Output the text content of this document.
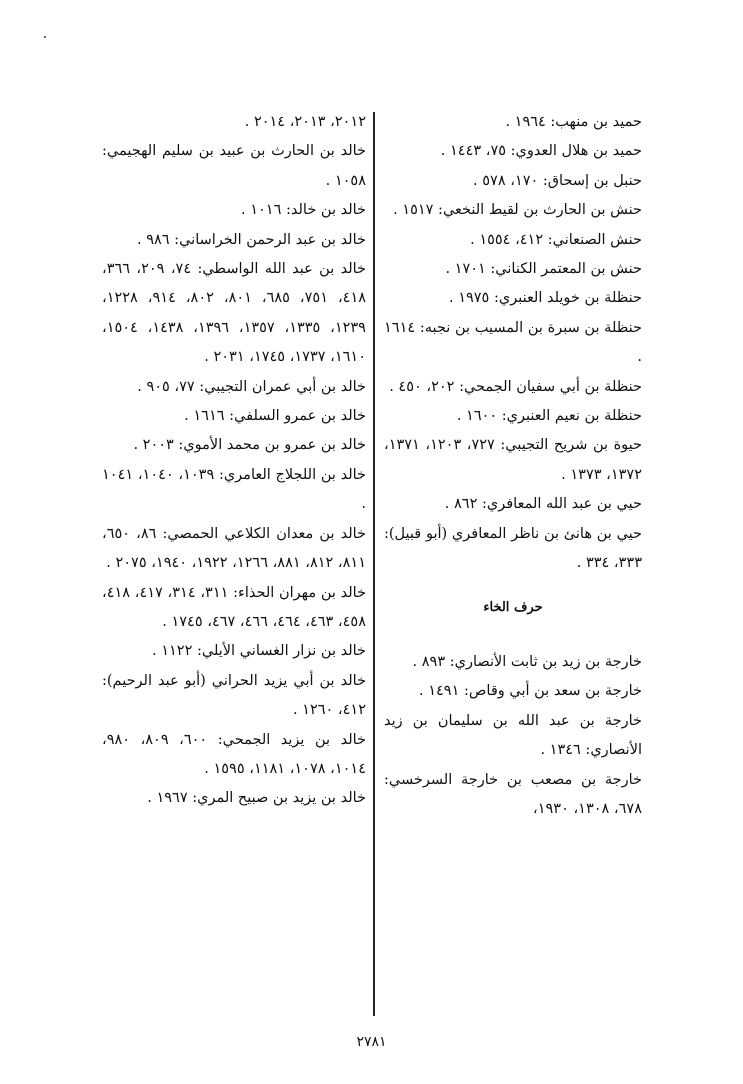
حميد بن منهب: ١٩٦٤ .

حميد بن هلال العدوي: ٧٥، ١٤٤٣ .

حنبل بن إسحاق: ١٧٠، ٥٧٨ .

حنش بن الحارث بن لقيط النخعي: ١٥١٧ .

حنش الصنعاني: ٤١٢، ١٥٥٤ .

حنش بن المعتمر الكناني: ١٧٠١ .

حنظلة بن خويلد العنبري: ١٩٧٥ .

حنظلة بن سبرة بن المسيب بن نجبه: ١٦١٤ .

حنظلة بن أبي سفيان الجمحي: ٢٠٢، ٤٥٠ .

حنظلة بن نعيم العنبري: ١٦٠٠ .

حيوة بن شريح التجيبي: ٧٢٧، ١٢٠٣، ١٣٧١، ١٣٧٢، ١٣٧٣ .

حيي بن عبد الله المعافري: ٨٦٢ .

حيي بن هانئ بن ناظر المعافري (أبو قبيل): ٣٣٣، ٣٣٤ .

حرف الخاء

خارجة بن زيد بن ثابت الأنصاري: ٨٩٣ .

خارجة بن سعد بن أبي وقاص: ١٤٩١ .

خارجة بن عبد الله بن سليمان بن زيد الأنصاري: ١٣٤٦ .

خارجة بن مصعب بن خارجة السرخسي: ٦٧٨، ١٣٠٨، ١٩٣٠،

٢٠١٢، ٢٠١٣، ٢٠١٤ .

خالد بن الحارث بن عبيد بن سليم الهجيمي: ١٠٥٨ .

خالد بن خالد: ١٠١٦ .

خالد بن عبد الرحمن الخراساني: ٩٨٦ .

خالد بن عبد الله الواسطي: ٧٤، ٢٠٩، ٣٦٦، ٤١٨، ٧٥١، ٦٨٥، ٨٠١، ٨٠٢، ٩١٤، ١٢٢٨، ١٢٣٩، ١٣٣٥، ١٣٥٧، ١٣٩٦، ١٤٣٨، ١٥٠٤، ١٦١٠، ١٧٣٧، ١٧٤٥، ٢٠٣١ .

خالد بن أبي عمران التجيبي: ٧٧، ٩٠٥ .

خالد بن عمرو السلفي: ١٦١٦ .

خالد بن عمرو بن محمد الأموي: ٢٠٠٣ .

خالد بن اللجلاج العامري: ١٠٣٩، ١٠٤٠، ١٠٤١ .

خالد بن معدان الكلاعي الحمصي: ٨٦، ٦٥٠، ٨١١، ٨١٢، ٨٨١، ١٢٦٦، ١٩٢٢، ١٩٤٠، ٢٠٧٥ .

خالد بن مهران الحذاء: ٣١١، ٣١٤، ٤١٧، ٤١٨، ٤٥٨، ٤٦٣، ٤٦٤، ٤٦٦، ٤٦٧، ١٧٤٥ .

خالد بن نزار الغساني الأيلي: ١١٢٢ .

خالد بن أبي يزيد الحراني (أبو عبد الرحيم): ٤١٢، ١٢٦٠ .

خالد بن يزيد الجمحي: ٦٠٠، ٨٠٩، ٩٨٠، ١٠١٤، ١٠٧٨، ١١٨١، ١٥٩٥ .

خالد بن يزيد بن صبيح المري: ١٩٦٧ .

٢٧٨١
